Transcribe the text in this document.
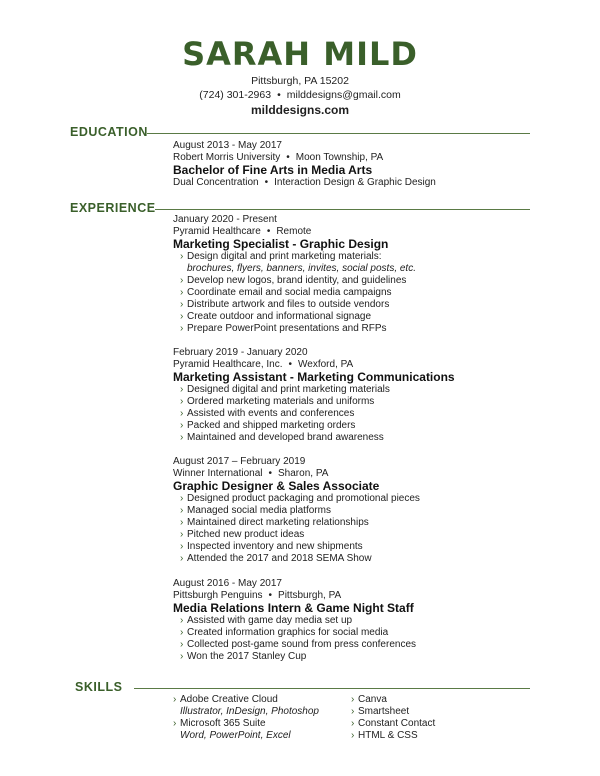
SARAH MILD
Pittsburgh, PA 15202
(724) 301-2963 • milddesigns@gmail.com
milddesigns.com
EDUCATION
August 2013 - May 2017
Robert Morris University • Moon Township, PA
Bachelor of Fine Arts in Media Arts
Dual Concentration • Interaction Design & Graphic Design
EXPERIENCE
January 2020 - Present
Pyramid Healthcare • Remote
Marketing Specialist - Graphic Design
› Design digital and print marketing materials:
brochures, flyers, banners, invites, social posts, etc.
› Develop new logos, brand identity, and guidelines
› Coordinate email and social media campaigns
› Distribute artwork and files to outside vendors
› Create outdoor and informational signage
› Prepare PowerPoint presentations and RFPs
February 2019 - January 2020
Pyramid Healthcare, Inc. • Wexford, PA
Marketing Assistant - Marketing Communications
› Designed digital and print marketing materials
› Ordered marketing materials and uniforms
› Assisted with events and conferences
› Packed and shipped marketing orders
› Maintained and developed brand awareness
August 2017 – February 2019
Winner International • Sharon, PA
Graphic Designer & Sales Associate
› Designed product packaging and promotional pieces
› Managed social media platforms
› Maintained direct marketing relationships
› Pitched new product ideas
› Inspected inventory and new shipments
› Attended the 2017 and 2018 SEMA Show
August 2016 - May 2017
Pittsburgh Penguins • Pittsburgh, PA
Media Relations Intern & Game Night Staff
› Assisted with game day media set up
› Created information graphics for social media
› Collected post-game sound from press conferences
› Won the 2017 Stanley Cup
SKILLS
› Adobe Creative Cloud
Illustrator, InDesign, Photoshop
› Microsoft 365 Suite
Word, PowerPoint, Excel
› Canva
› Smartsheet
› Constant Contact
› HTML & CSS
